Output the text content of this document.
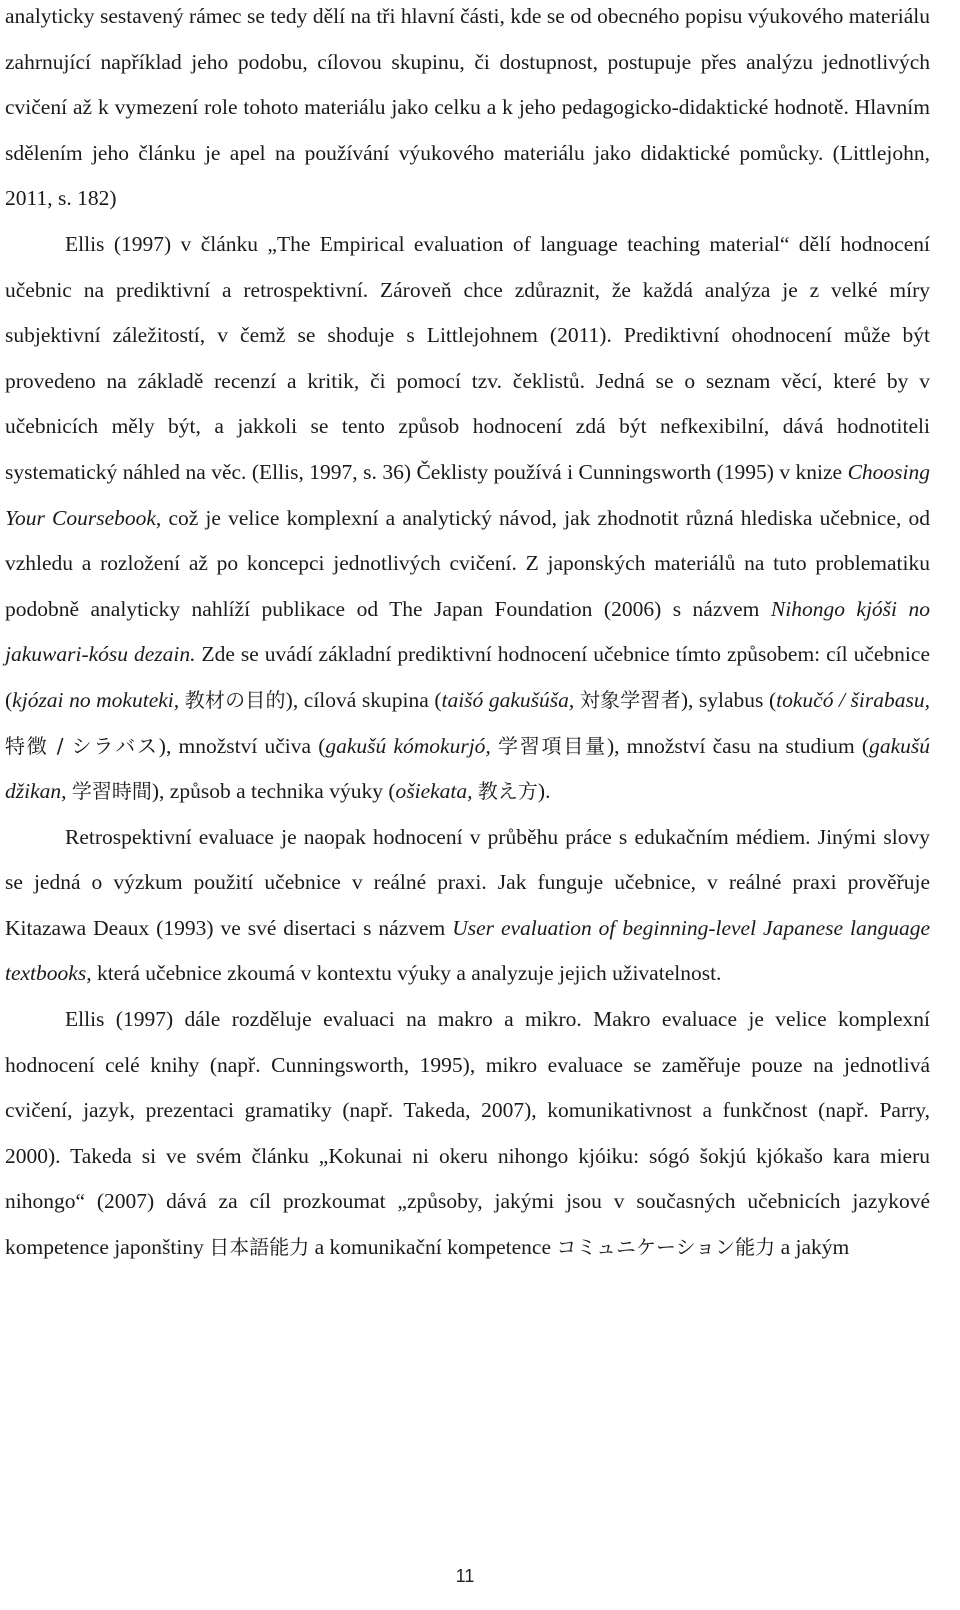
analyticky sestavený rámec se tedy dělí na tři hlavní části, kde se od obecného popisu výukového materiálu zahrnující například jeho podobu, cílovou skupinu, či dostupnost, postupuje přes analýzu jednotlivých cvičení až k vymezení role tohoto materiálu jako celku a k jeho pedagogicko-didaktické hodnotě. Hlavním sdělením jeho článku je apel na používání výukového materiálu jako didaktické pomůcky. (Littlejohn, 2011, s. 182)

Ellis (1997) v článku „The Empirical evaluation of language teaching material“ dělí hodnocení učebnic na prediktivní a retrospektivní. Zároveň chce zdůraznit, že každá analýza je z velké míry subjektivní záležitostí, v čemž se shoduje s Littlejohnem (2011). Prediktivní ohodnocení může být provedeno na základě recenzí a kritik, či pomocí tzv. čeklistů. Jedná se o seznam věcí, které by v učebnicích měly být, a jakkoli se tento způsob hodnocení zdá být nefkexibilní, dává hodnotiteli systematický náhled na věc. (Ellis, 1997, s. 36) Čeklisty používá i Cunningsworth (1995) v knize Choosing Your Coursebook, což je velice komplexní a analytický návod, jak zhodnotit různá hlediska učebnice, od vzhledu a rozložení až po koncepci jednotlivých cvičení. Z japonských materiálů na tuto problematiku podobně analyticky nahlíží publikace od The Japan Foundation (2006) s názvem Nihongo kjóši no jakuwari-kósu dezain. Zde se uvádí základní prediktivní hodnocení učebnice tímto způsobem: cíl učebnice (kjózai no mokuteki, 教材の目的), cílová skupina (taišó gakušúša, 対象学習者), sylabus (tokučó / širabasu, 特徴 / シラバス), množství učiva (gakušú kómokurjó, 学習項目量), množství času na studium (gakušú džikan, 学習時間), způsob a technika výuky (ošiekata, 教え方).

Retrospektivní evaluace je naopak hodnocení v průběhu práce s edukačním médiem. Jinými slovy se jedná o výzkum použití učebnice v reálné praxi. Jak funguje učebnice, v reálné praxi prověřuje Kitazawa Deaux (1993) ve své disertaci s názvem User evaluation of beginning-level Japanese language textbooks, která učebnice zkoumá v kontextu výuky a analyzuje jejich uživatelnost.

Ellis (1997) dále rozděluje evaluaci na makro a mikro. Makro evaluace je velice komplexní hodnocení celé knihy (např. Cunningsworth, 1995), mikro evaluace se zaměřuje pouze na jednotlivá cvičení, jazyk, prezentaci gramatiky (např. Takeda, 2007), komunikativnost a funkčnost (např. Parry, 2000). Takeda si ve svém článku „Kokunai ni okeru nihongo kjóiku: sógó šokjú kjókašo kara mieru nihongo“ (2007) dává za cíl prozkoumat „způsoby, jakými jsou v současných učebnicích jazykové kompetence japonštiny 日本語能力 a komunikační kompetence コミュニケーション能力 a jakým

11
